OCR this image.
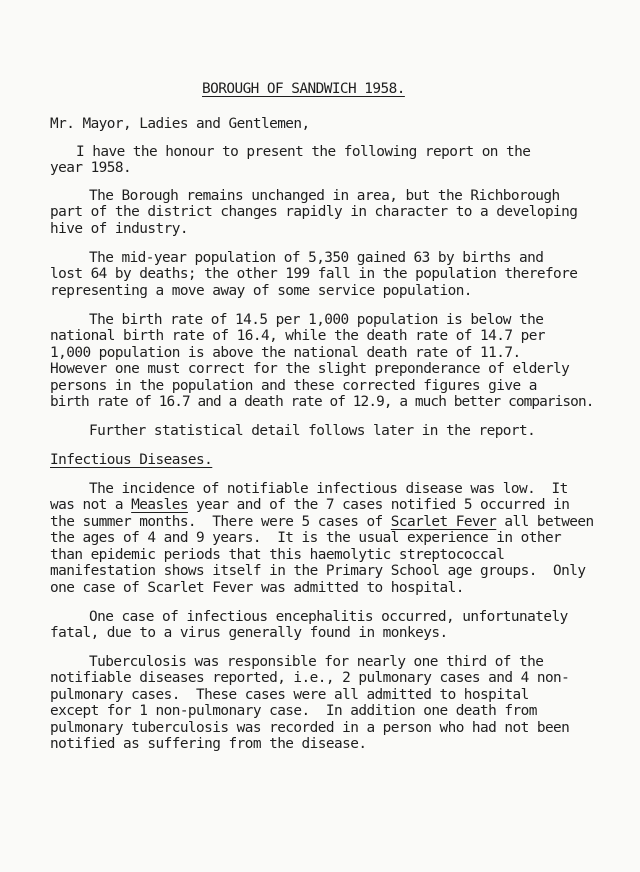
BOROUGH OF SANDWICH 1958.
Mr. Mayor, Ladies and Gentlemen,
I have the honour to present the following report on the
year 1958.
The Borough remains unchanged in area, but the Richborough
part of the district changes rapidly in character to a developing
hive of industry.
The mid-year population of 5,350 gained 63 by births and
lost 64 by deaths; the other 199 fall in the population therefore
representing a move away of some service population.
The birth rate of 14.5 per 1,000 population is below the
national birth rate of 16.4, while the death rate of 14.7 per
1,000 population is above the national death rate of 11.7.
However one must correct for the slight preponderance of elderly
persons in the population and these corrected figures give a
birth rate of 16.7 and a death rate of 12.9, a much better comparison.
Further statistical detail follows later in the report.
Infectious Diseases.
The incidence of notifiable infectious disease was low.  It
was not a Measles year and of the 7 cases notified 5 occurred in
the summer months.  There were 5 cases of Scarlet Fever all between
the ages of 4 and 9 years.  It is the usual experience in other
than epidemic periods that this haemolytic streptococcal
manifestation shows itself in the Primary School age groups.  Only
one case of Scarlet Fever was admitted to hospital.
One case of infectious encephalitis occurred, unfortunately
fatal, due to a virus generally found in monkeys.
Tuberculosis was responsible for nearly one third of the
notifiable diseases reported, i.e., 2 pulmonary cases and 4 non-
pulmonary cases.  These cases were all admitted to hospital
except for 1 non-pulmonary case.  In addition one death from
pulmonary tuberculosis was recorded in a person who had not been
notified as suffering from the disease.
